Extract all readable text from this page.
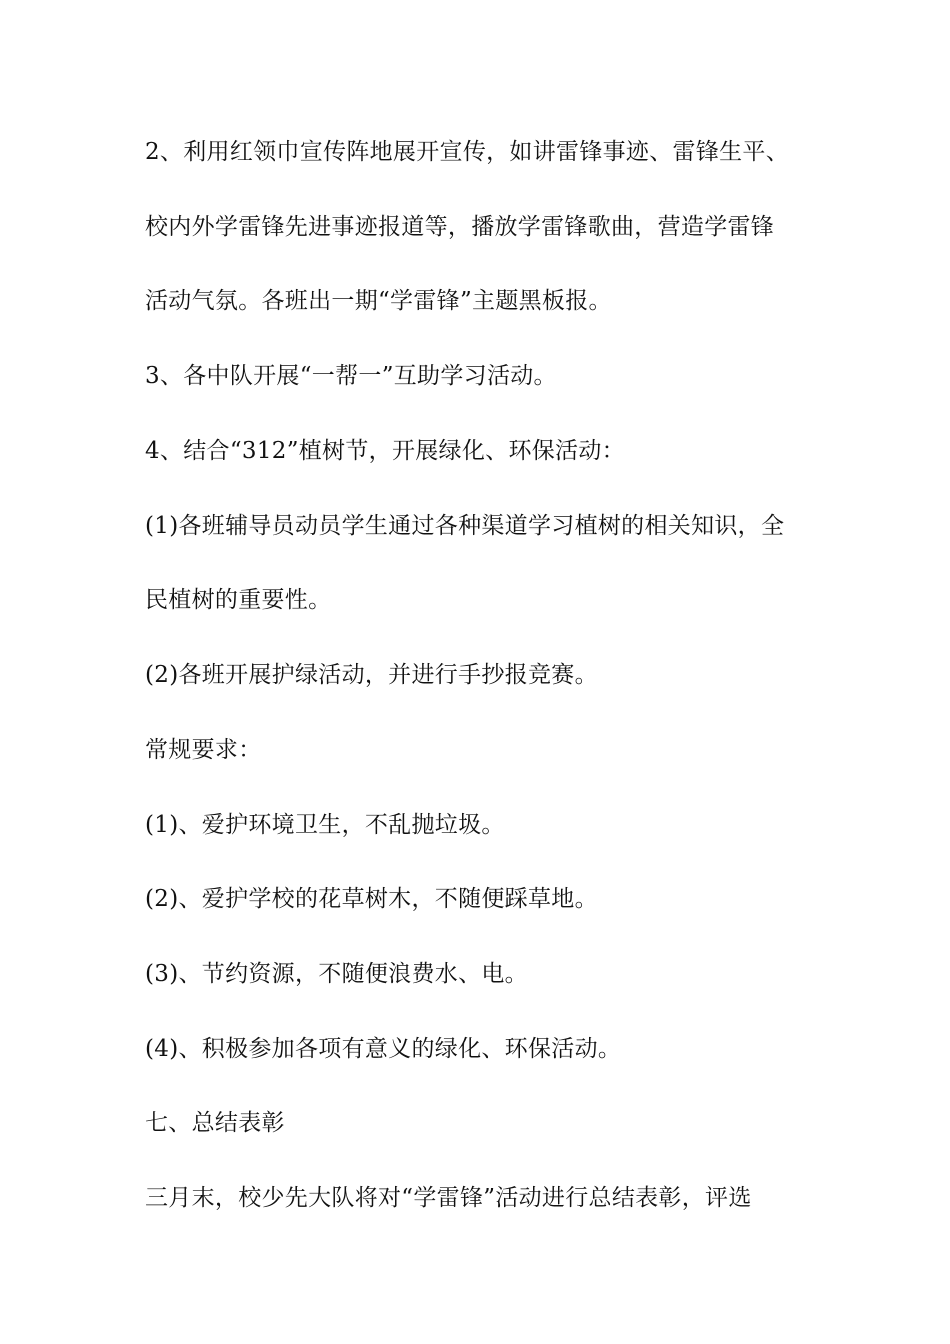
2、利用红领巾宣传阵地展开宣传，如讲雷锋事迹、雷锋生平、
校内外学雷锋先进事迹报道等，播放学雷锋歌曲，营造学雷锋
活动气氛。各班出一期“学雷锋”主题黑板报。
3、各中队开展“一帮一”互助学习活动。
4、结合“312”植树节，开展绿化、环保活动：
(1)各班辅导员动员学生通过各种渠道学习植树的相关知识，全
民植树的重要性。
(2)各班开展护绿活动，并进行手抄报竞赛。
常规要求：
(1)、爱护环境卫生，不乱抛垃圾。
(2)、爱护学校的花草树木，不随便踩草地。
(3)、节约资源，不随便浪费水、电。
(4)、积极参加各项有意义的绿化、环保活动。
七、总结表彰
三月末，校少先大队将对“学雷锋”活动进行总结表彰，评选
